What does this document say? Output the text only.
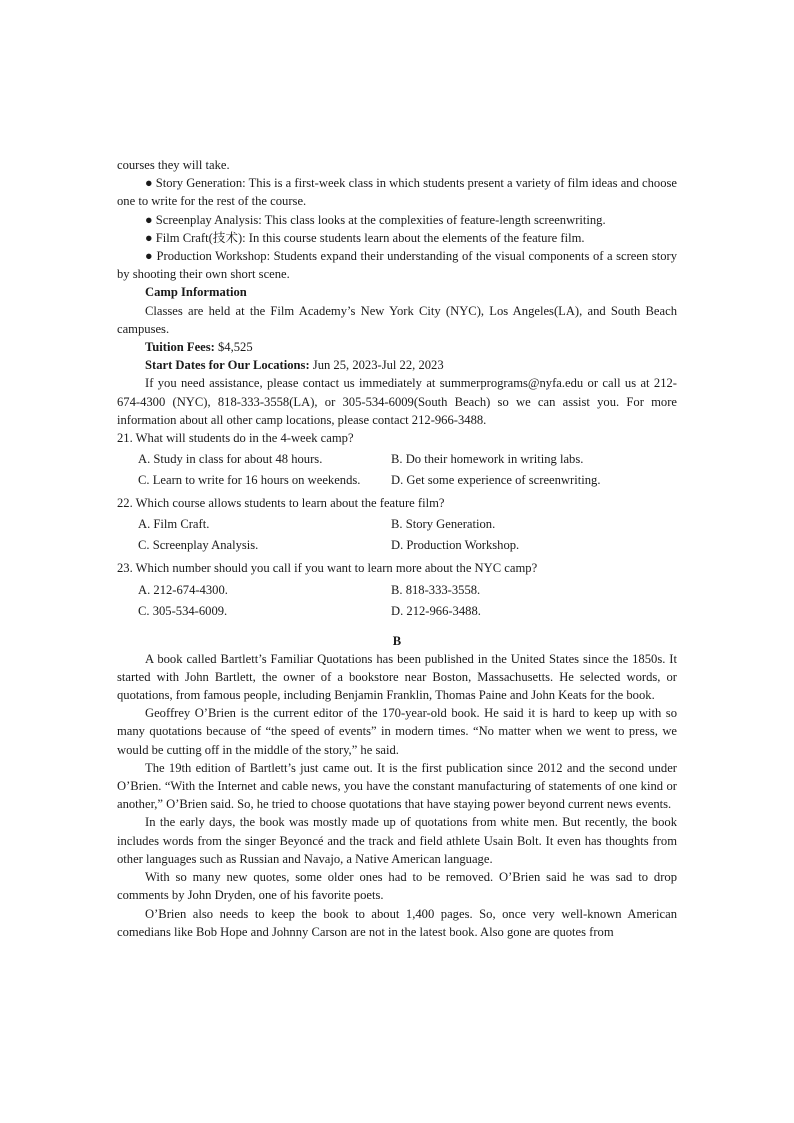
courses they will take.

● Story Generation: This is a first-week class in which students present a variety of film ideas and choose one to write for the rest of the course.

● Screenplay Analysis: This class looks at the complexities of feature-length screenwriting.

● Film Craft(技术): In this course students learn about the elements of the feature film.

● Production Workshop: Students expand their understanding of the visual components of a screen story by shooting their own short scene.

Camp Information

Classes are held at the Film Academy’s New York City (NYC), Los Angeles(LA), and South Beach campuses.

Tuition Fees: $4,525

Start Dates for Our Locations: Jun 25, 2023-Jul 22, 2023

If you need assistance, please contact us immediately at summerprograms@nyfa.edu or call us at 212-674-4300 (NYC), 818-333-3558(LA), or 305-534-6009(South Beach) so we can assist you. For more information about all other camp locations, please contact 212-966-3488.

21. What will students do in the 4-week camp?

A. Study in class for about 48 hours.	B. Do their homework in writing labs.
C. Learn to write for 16 hours on weekends.	D. Get some experience of screenwriting.

22. Which course allows students to learn about the feature film?

A. Film Craft.	B. Story Generation.
C. Screenplay Analysis.	D. Production Workshop.

23. Which number should you call if you want to learn more about the NYC camp?

A. 212-674-4300.	B. 818-333-3558.
C. 305-534-6009.	D. 212-966-3488.

B

A book called Bartlett’s Familiar Quotations has been published in the United States since the 1850s. It started with John Bartlett, the owner of a bookstore near Boston, Massachusetts. He selected words, or quotations, from famous people, including Benjamin Franklin, Thomas Paine and John Keats for the book.

Geoffrey O’Brien is the current editor of the 170-year-old book. He said it is hard to keep up with so many quotations because of “the speed of events” in modern times. “No matter when we went to press, we would be cutting off in the middle of the story,” he said.

The 19th edition of Bartlett’s just came out. It is the first publication since 2012 and the second under O’Brien. “With the Internet and cable news, you have the constant manufacturing of statements of one kind or another,” O’Brien said. So, he tried to choose quotations that have staying power beyond current news events.

In the early days, the book was mostly made up of quotations from white men. But recently, the book includes words from the singer Beyoncé and the track and field athlete Usain Bolt. It even has thoughts from other languages such as Russian and Navajo, a Native American language.

With so many new quotes, some older ones had to be removed. O’Brien said he was sad to drop comments by John Dryden, one of his favorite poets.

O’Brien also needs to keep the book to about 1,400 pages. So, once very well-known American comedians like Bob Hope and Johnny Carson are not in the latest book. Also gone are quotes from
